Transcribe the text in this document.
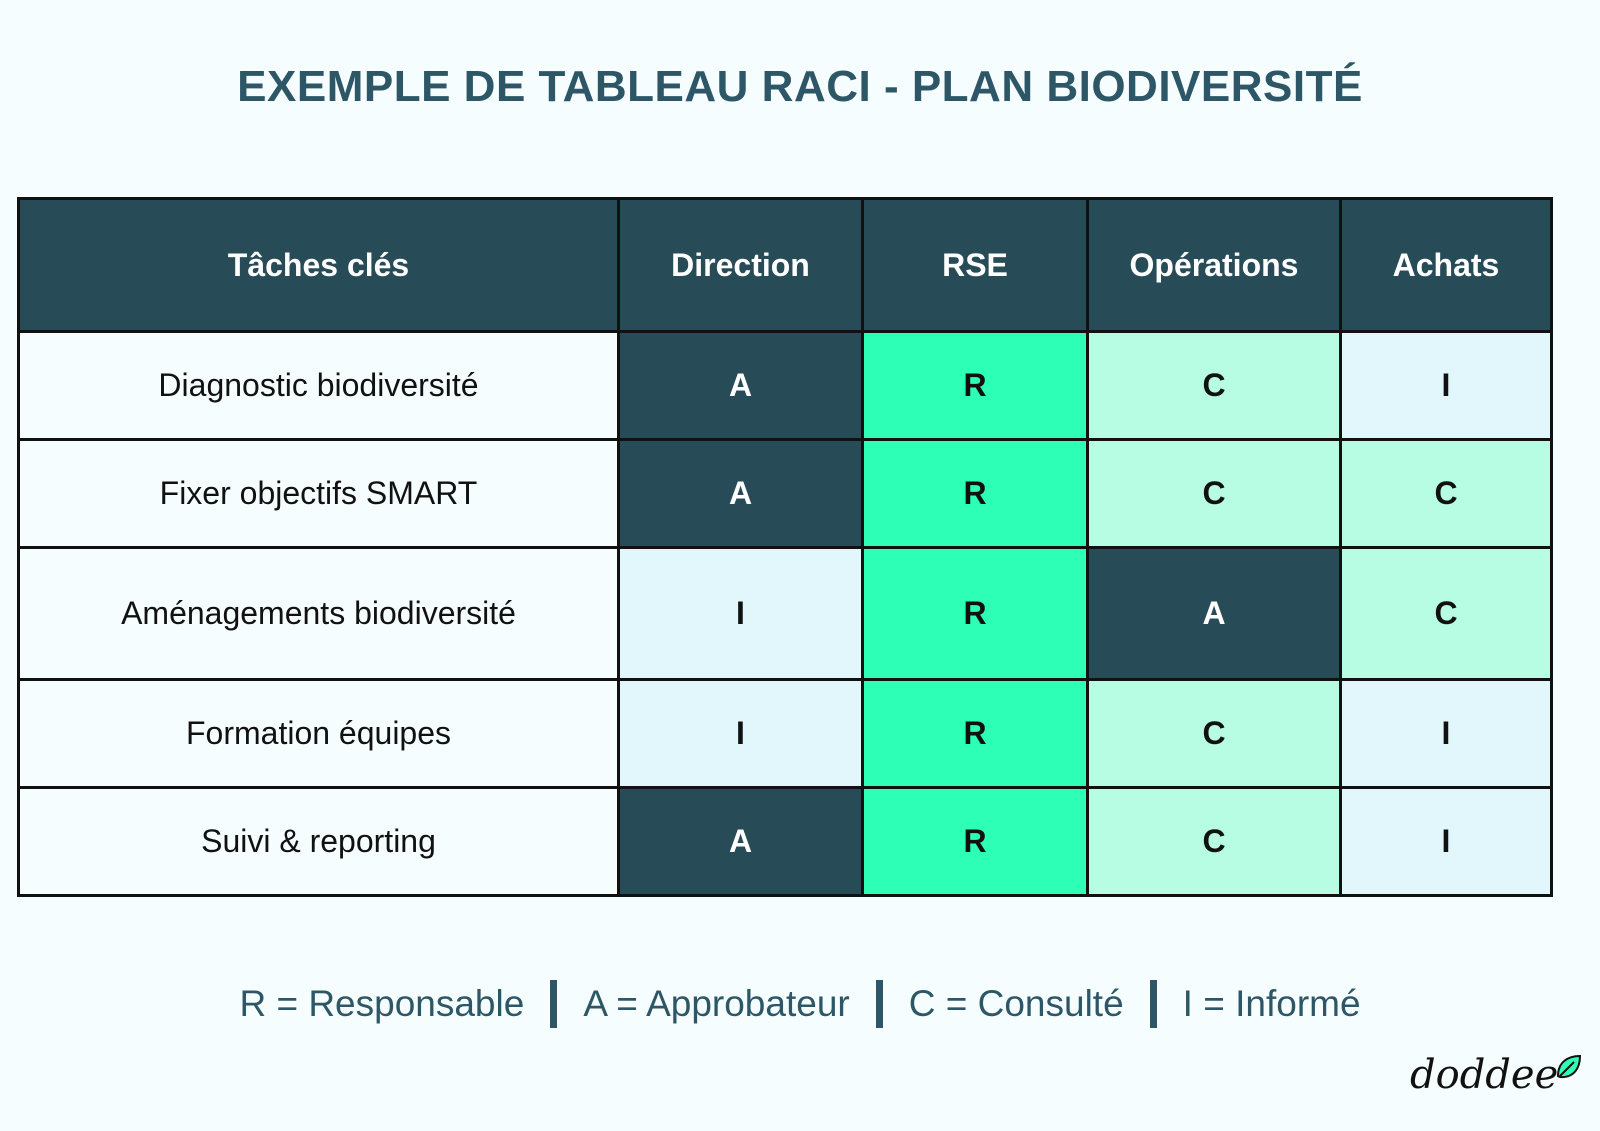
EXEMPLE DE TABLEAU RACI - PLAN BIODIVERSITÉ
Tâches clés	Direction	RSE	Opérations	Achats
Diagnostic biodiversité	A	R	C	I
Fixer objectifs SMART	A	R	C	C
Aménagements biodiversité	I	R	A	C
Formation équipes	I	R	C	I
Suivi & reporting	A	R	C	I
R = Responsable	A = Approbateur	C = Consulté	I = Informé
doddee
